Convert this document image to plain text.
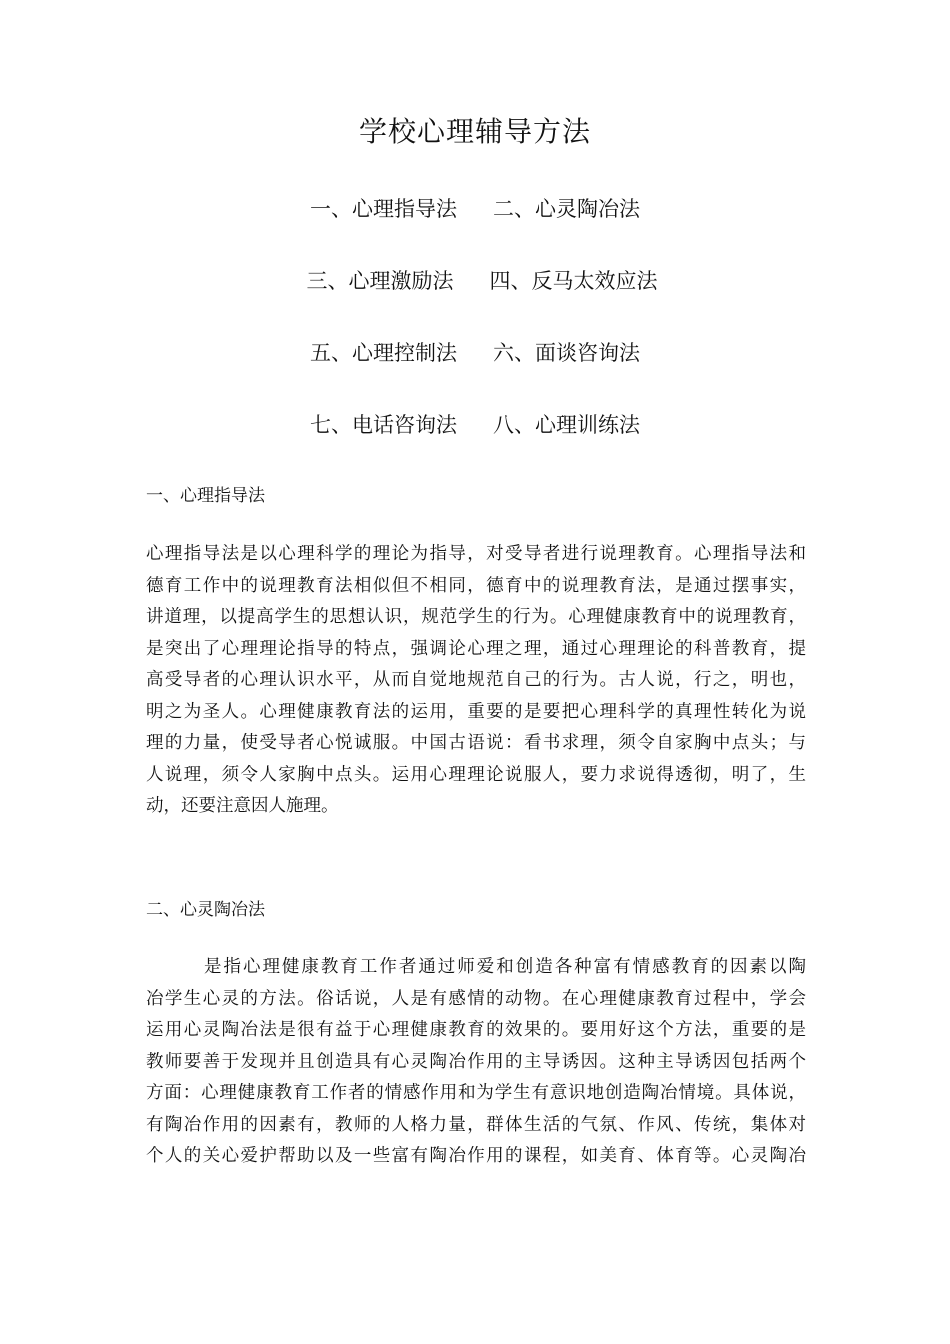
学校心理辅导方法
一、心理指导法 二、心灵陶冶法
三、心理激励法 四、反马太效应法
五、心理控制法 六、面谈咨询法
七、电话咨询法 八、心理训练法
一、心理指导法
心理指导法是以心理科学的理论为指导，对受导者进行说理教育。心理指导法和
德育工作中的说理教育法相似但不相同，德育中的说理教育法，是通过摆事实，
讲道理，以提高学生的思想认识，规范学生的行为。心理健康教育中的说理教育，
是突出了心理理论指导的特点，强调论心理之理，通过心理理论的科普教育，提
高受导者的心理认识水平，从而自觉地规范自己的行为。古人说，行之，明也，
明之为圣人。心理健康教育法的运用，重要的是要把心理科学的真理性转化为说
理的力量，使受导者心悦诚服。中国古语说：看书求理，须令自家胸中点头；与
人说理，须令人家胸中点头。运用心理理论说服人，要力求说得透彻，明了，生
动，还要注意因人施理。
二、心灵陶冶法
是指心理健康教育工作者通过师爱和创造各种富有情感教育的因素以陶
冶学生心灵的方法。俗话说，人是有感情的动物。在心理健康教育过程中，学会
运用心灵陶冶法是很有益于心理健康教育的效果的。要用好这个方法，重要的是
教师要善于发现并且创造具有心灵陶冶作用的主导诱因。这种主导诱因包括两个
方面：心理健康教育工作者的情感作用和为学生有意识地创造陶冶情境。具体说，
有陶冶作用的因素有，教师的人格力量，群体生活的气氛、作风、传统，集体对
个人的关心爱护帮助以及一些富有陶冶作用的课程，如美育、体育等。心灵陶冶
